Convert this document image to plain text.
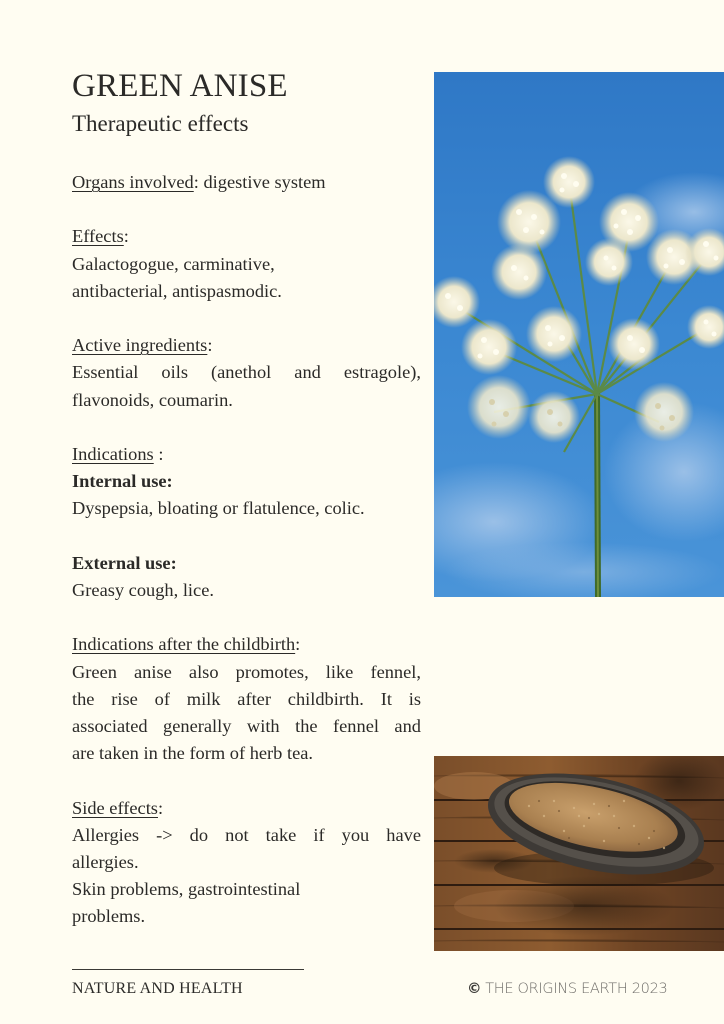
GREEN ANISE
Therapeutic effects

Organs involved: digestive system

Effects:
Galactogogue, carminative,
antibacterial, antispasmodic.

Active ingredients:
Essential oils (anethol and estragole),
flavonoids, coumarin.

Indications :
Internal use:
Dyspepsia, bloating or flatulence, colic.

External use:
Greasy cough, lice.

Indications after the childbirth:
Green anise also promotes, like fennel,
the rise of milk after childbirth. It is
associated generally with the fennel and
are taken in the form of herb tea.

Side effects:
Allergies -> do not take if you have
allergies.
Skin problems, gastrointestinal
problems.

NATURE AND HEALTH	© THE ORIGINS EARTH 2023
